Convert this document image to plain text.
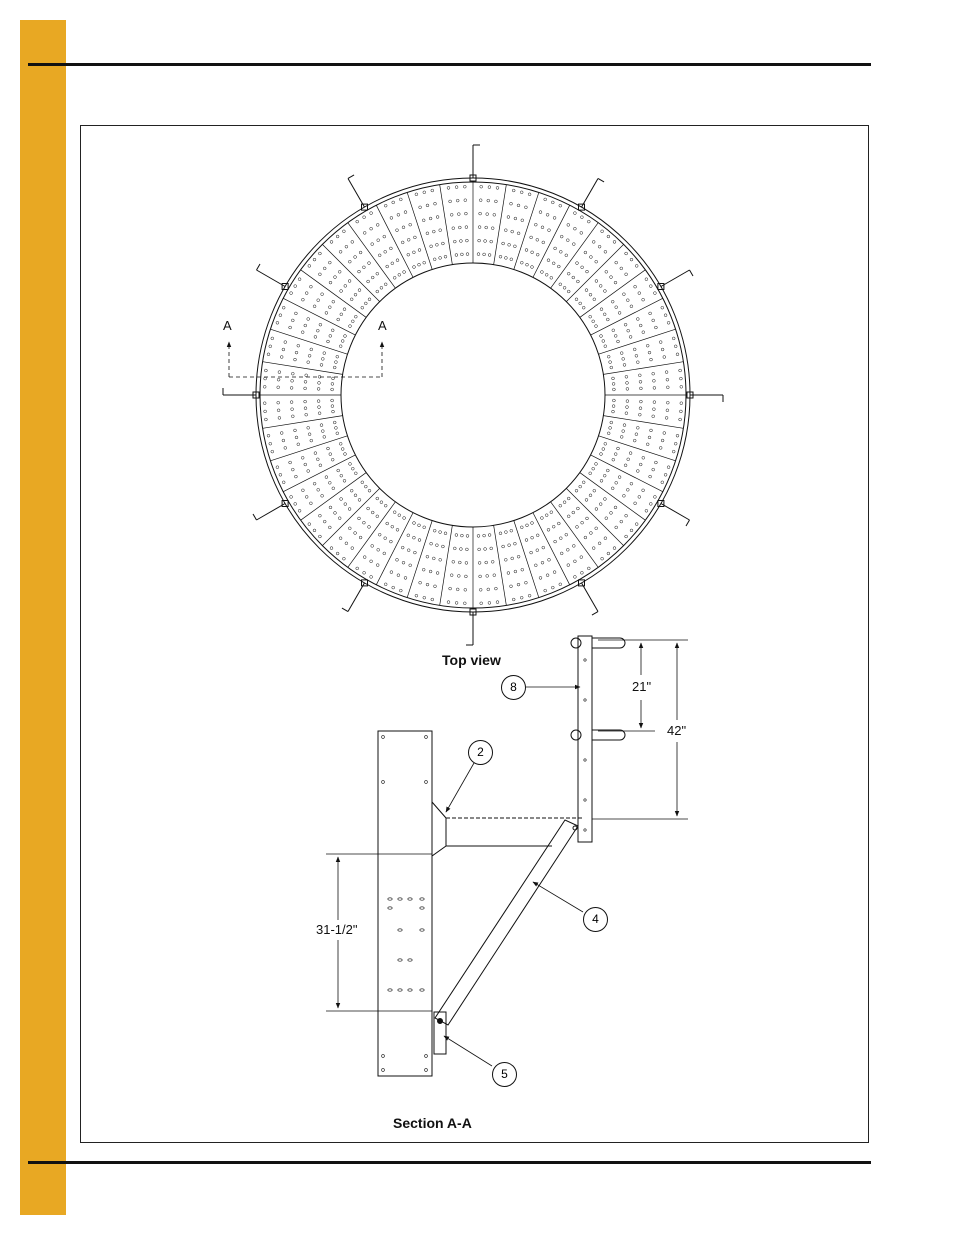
Top view
Section A-A
A	A
21"
42"
31-1/2"
8
2
4
5
